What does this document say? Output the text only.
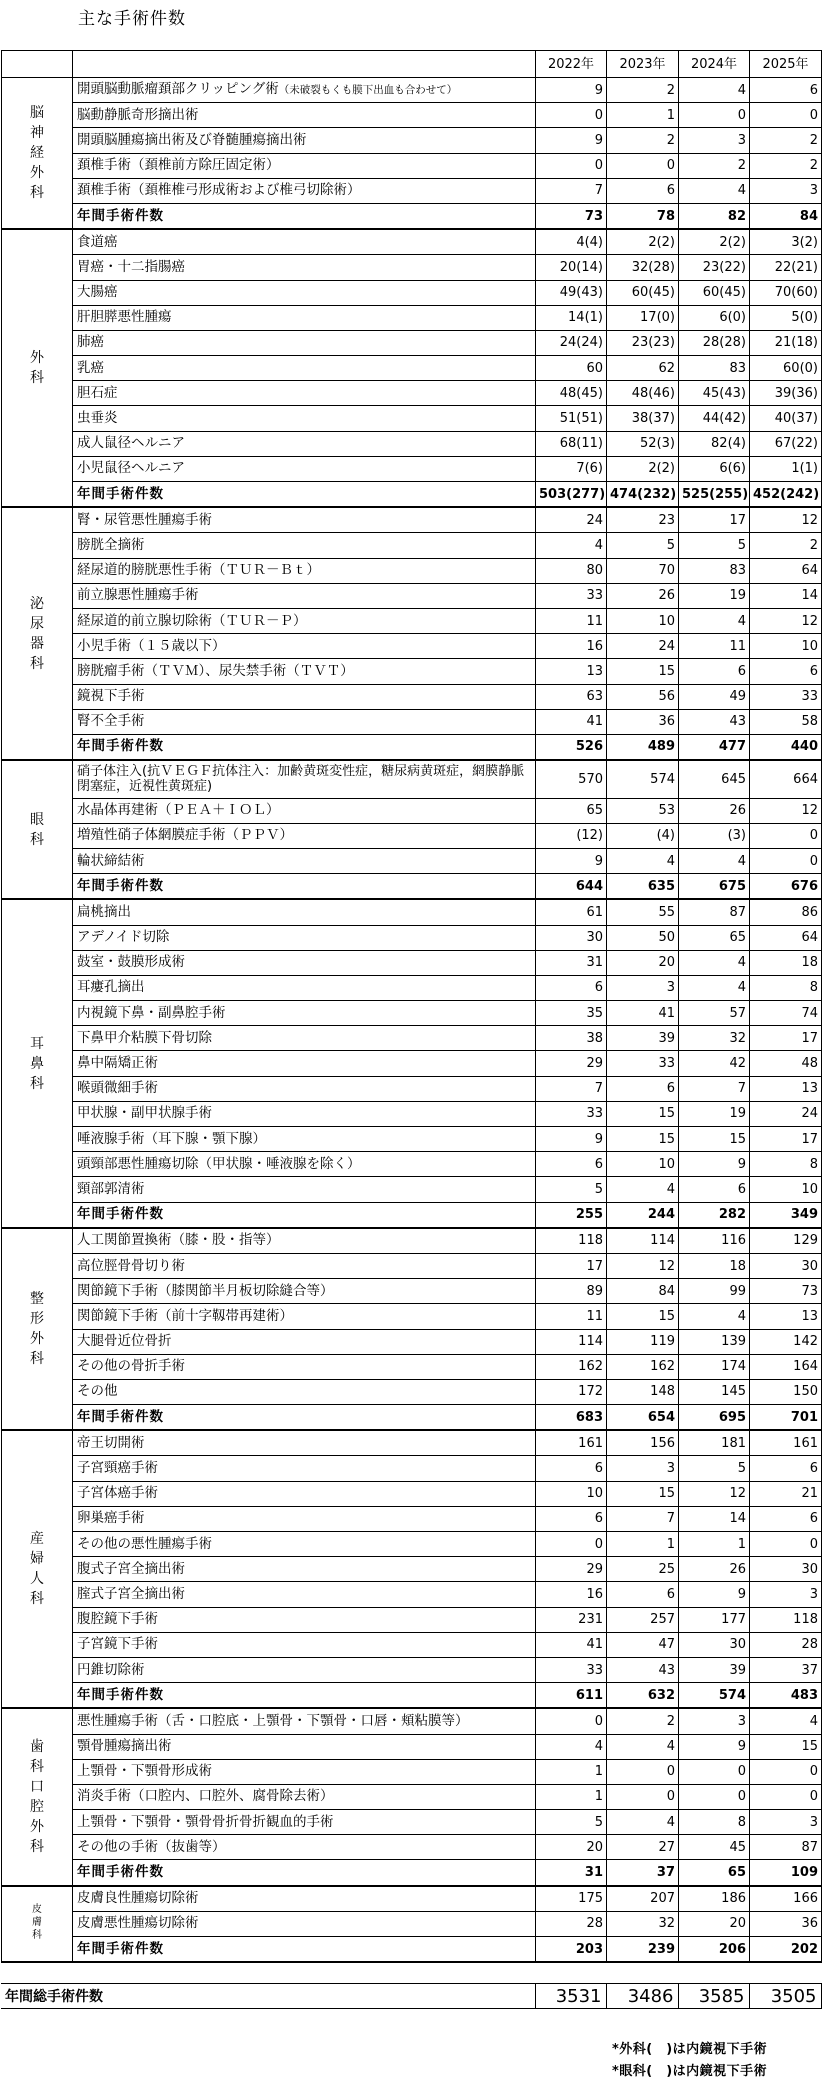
主な手術件数
		2022年	2023年	2024年	2025年
脳神経外科	開頭脳動脈瘤頚部クリッピング術（未破裂もくも膜下出血も合わせて）	9	2	4	6
	脳動静脈奇形摘出術	0	1	0	0
	開頭脳腫瘍摘出術及び脊髄腫瘍摘出術	9	2	3	2
	頚椎手術（頚椎前方除圧固定術）	0	0	2	2
	頚椎手術（頚椎椎弓形成術および椎弓切除術）	7	6	4	3
	年間手術件数	73	78	82	84
外科	食道癌	4(4)	2(2)	2(2)	3(2)
	胃癌・十二指腸癌	20(14)	32(28)	23(22)	22(21)
	大腸癌	49(43)	60(45)	60(45)	70(60)
	肝胆膵悪性腫瘍	14(1)	17(0)	6(0)	5(0)
	肺癌	24(24)	23(23)	28(28)	21(18)
	乳癌	60	62	83	60(0)
	胆石症	48(45)	48(46)	45(43)	39(36)
	虫垂炎	51(51)	38(37)	44(42)	40(37)
	成人鼠径ヘルニア	68(11)	52(3)	82(4)	67(22)
	小児鼠径ヘルニア	7(6)	2(2)	6(6)	1(1)
	年間手術件数	503(277)	474(232)	525(255)	452(242)
泌尿器科	腎・尿管悪性腫瘍手術	24	23	17	12
	膀胱全摘術	4	5	5	2
	経尿道的膀胱悪性手術（ＴＵＲ－Ｂｔ）	80	70	83	64
	前立腺悪性腫瘍手術	33	26	19	14
	経尿道的前立腺切除術（ＴＵＲ－Ｐ）	11	10	4	12
	小児手術（１５歳以下）	16	24	11	10
	膀胱瘤手術（ＴＶＭ）、尿失禁手術（ＴＶＴ）	13	15	6	6
	鏡視下手術	63	56	49	33
	腎不全手術	41	36	43	58
	年間手術件数	526	489	477	440
眼科	硝子体注入(抗ＶＥＧＦ抗体注入：加齢黄斑変性症，糖尿病黄斑症，網膜静脈閉塞症，近視性黄斑症)	570	574	645	664
	水晶体再建術（ＰＥＡ＋ＩＯＬ）	65	53	26	12
	増殖性硝子体網膜症手術（ＰＰＶ）	(12)	(4)	(3)	0
	輪状締結術	9	4	4	0
	年間手術件数	644	635	675	676
耳鼻科	扁桃摘出	61	55	87	86
	アデノイド切除	30	50	65	64
	鼓室・鼓膜形成術	31	20	4	18
	耳瘻孔摘出	6	3	4	8
	内視鏡下鼻・副鼻腔手術	35	41	57	74
	下鼻甲介粘膜下骨切除	38	39	32	17
	鼻中隔矯正術	29	33	42	48
	喉頭微細手術	7	6	7	13
	甲状腺・副甲状腺手術	33	15	19	24
	唾液腺手術（耳下腺・顎下腺）	9	15	15	17
	頭頸部悪性腫瘍切除（甲状腺・唾液腺を除く）	6	10	9	8
	頸部郭清術	5	4	6	10
	年間手術件数	255	244	282	349
整形外科	人工関節置換術（膝・股・指等）	118	114	116	129
	高位脛骨骨切り術	17	12	18	30
	関節鏡下手術（膝関節半月板切除縫合等）	89	84	99	73
	関節鏡下手術（前十字靱帯再建術）	11	15	4	13
	大腿骨近位骨折	114	119	139	142
	その他の骨折手術	162	162	174	164
	その他	172	148	145	150
	年間手術件数	683	654	695	701
産婦人科	帝王切開術	161	156	181	161
	子宮頸癌手術	6	3	5	6
	子宮体癌手術	10	15	12	21
	卵巣癌手術	6	7	14	6
	その他の悪性腫瘍手術	0	1	1	0
	腹式子宮全摘出術	29	25	26	30
	腟式子宮全摘出術	16	6	9	3
	腹腔鏡下手術	231	257	177	118
	子宮鏡下手術	41	47	30	28
	円錐切除術	33	43	39	37
	年間手術件数	611	632	574	483
歯科口腔外科	悪性腫瘍手術（舌・口腔底・上顎骨・下顎骨・口唇・頬粘膜等）	0	2	3	4
	顎骨腫瘍摘出術	4	4	9	15
	上顎骨・下顎骨形成術	1	0	0	0
	消炎手術（口腔内、口腔外、腐骨除去術）	1	0	0	0
	上顎骨・下顎骨・顎骨骨折骨折観血的手術	5	4	8	3
	その他の手術（抜歯等）	20	27	45	87
	年間手術件数	31	37	65	109
皮膚科	皮膚良性腫瘍切除術	175	207	186	166
	皮膚悪性腫瘍切除術	28	32	20	36
	年間手術件数	203	239	206	202
年間総手術件数	3531	3486	3585	3505
*外科(　)は内鏡視下手術
*眼科(　)は内鏡視下手術
